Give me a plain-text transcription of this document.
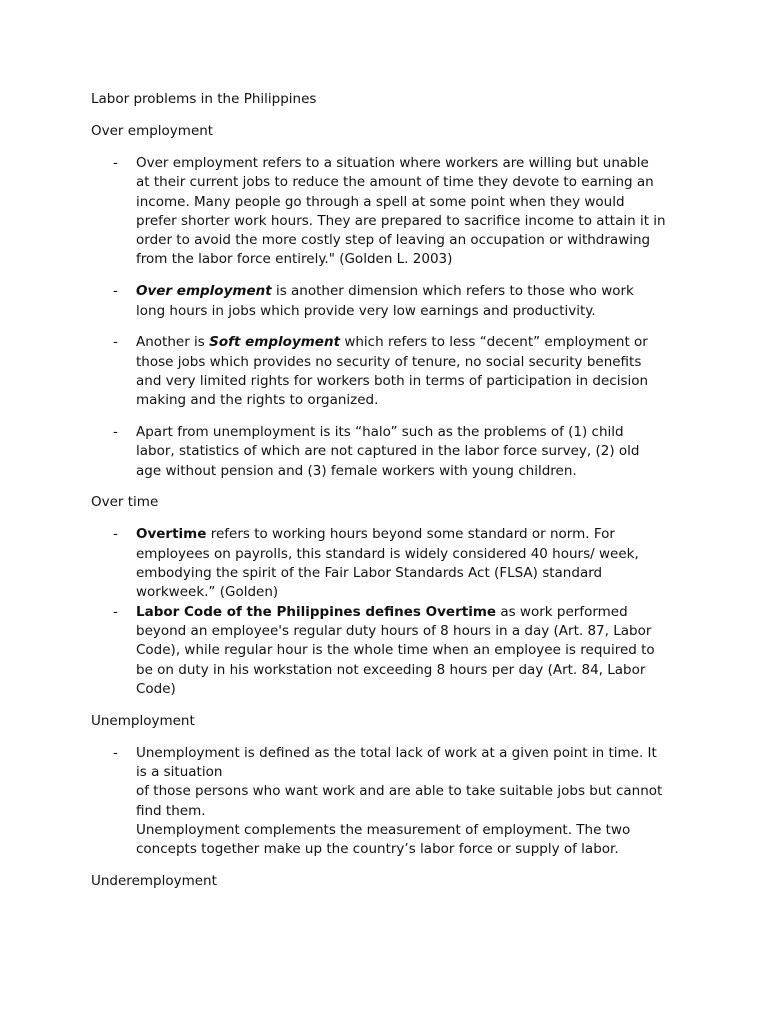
Labor problems in the Philippines
Over employment
- Over employment refers to a situation where workers are willing but unable
at their current jobs to reduce the amount of time they devote to earning an
income. Many people go through a spell at some point when they would
prefer shorter work hours. They are prepared to sacrifice income to attain it in
order to avoid the more costly step of leaving an occupation or withdrawing
from the labor force entirely." (Golden L. 2003)
- Over employment is another dimension which refers to those who work
long hours in jobs which provide very low earnings and productivity.
- Another is Soft employment which refers to less “decent” employment or
those jobs which provides no security of tenure, no social security benefits
and very limited rights for workers both in terms of participation in decision
making and the rights to organized.
- Apart from unemployment is its “halo” such as the problems of (1) child
labor, statistics of which are not captured in the labor force survey, (2) old
age without pension and (3) female workers with young children.
Over time
- Overtime refers to working hours beyond some standard or norm. For
employees on payrolls, this standard is widely considered 40 hours/ week,
embodying the spirit of the Fair Labor Standards Act (FLSA) standard
workweek.” (Golden)
- Labor Code of the Philippines defines Overtime as work performed
beyond an employee's regular duty hours of 8 hours in a day (Art. 87, Labor
Code), while regular hour is the whole time when an employee is required to
be on duty in his workstation not exceeding 8 hours per day (Art. 84, Labor
Code)
Unemployment
- Unemployment is defined as the total lack of work at a given point in time. It
is a situation
of those persons who want work and are able to take suitable jobs but cannot
find them.
Unemployment complements the measurement of employment. The two
concepts together make up the country’s labor force or supply of labor.
Underemployment
